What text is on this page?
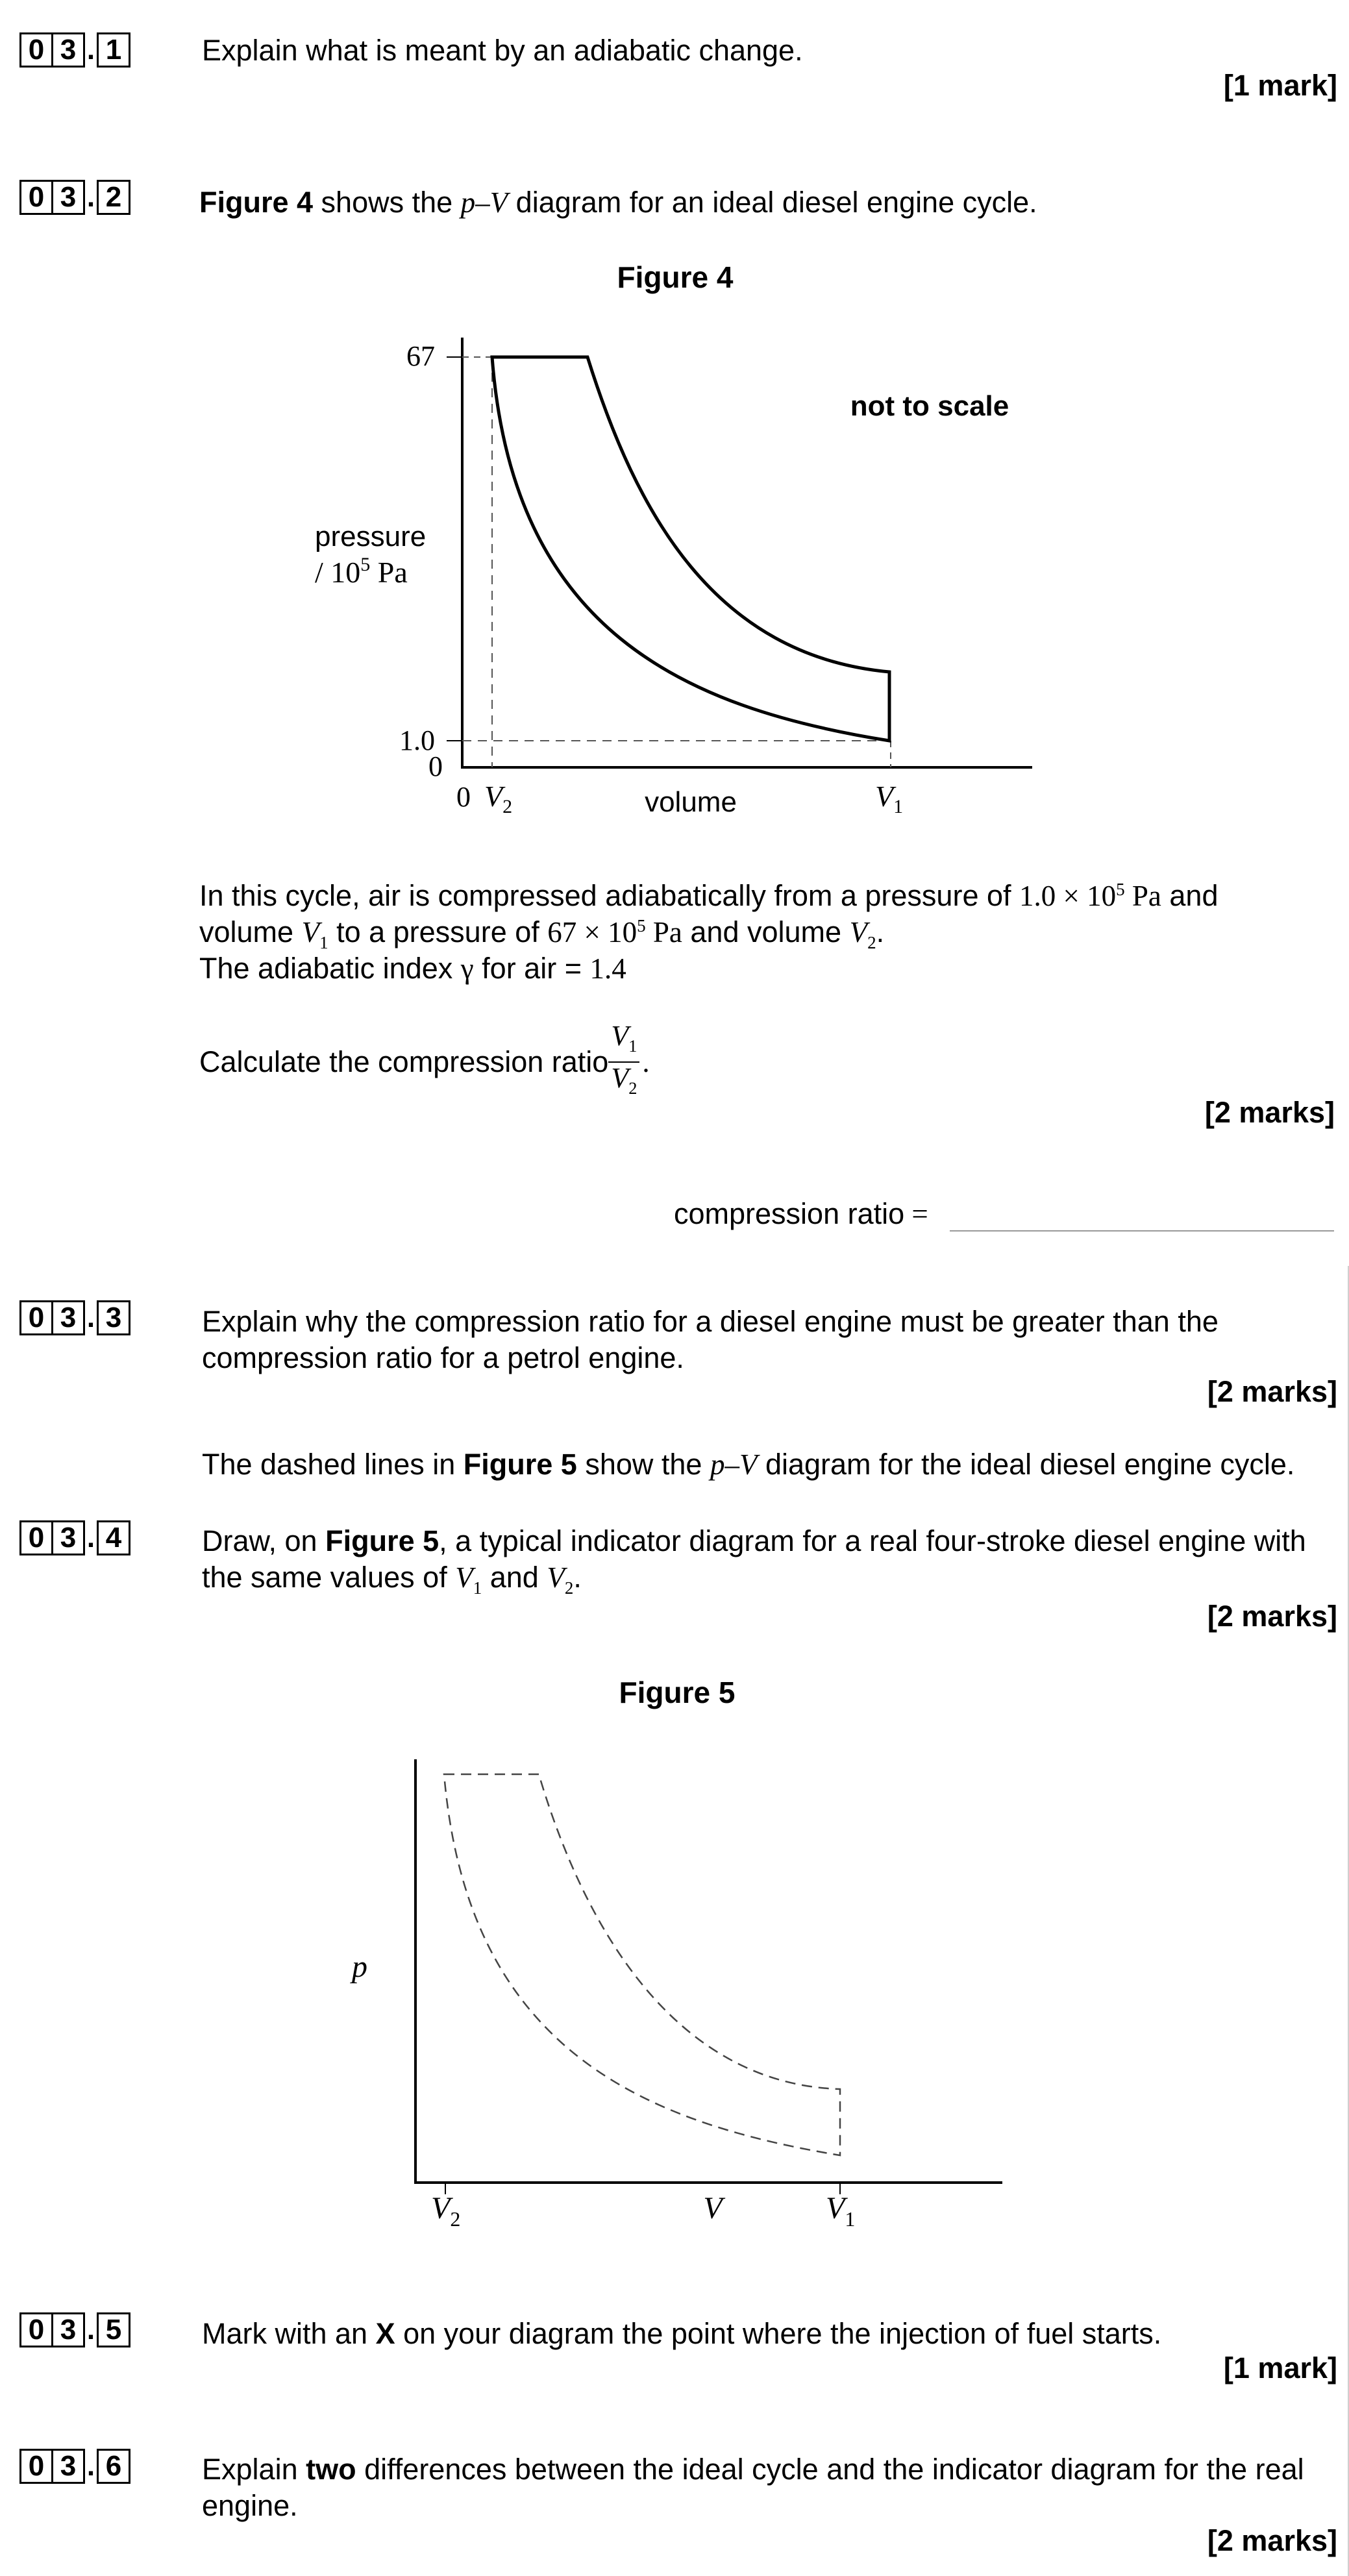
0 3 . 1	Explain what is meant by an adiabatic change.
[1 mark]
0 3 . 2	Figure 4 shows the p–V diagram for an ideal diesel engine cycle.
Figure 4
67
1.0
0
0 $V_2$	$V_1$
volume
not to scale
pressure
/ $10^5$ Pa
In this cycle, air is compressed adiabatically from a pressure of $1.0 \times 10^5$ Pa and
volume $V_1$ to a pressure of $67 \times 10^5$ Pa and volume $V_2$.
The adiabatic index γ for air = 1.4
Calculate the compression ratio $\frac{V_1}{V_2}$ .
[2 marks]
compression ratio =
0 3 . 3	Explain why the compression ratio for a diesel engine must be greater than the
compression ratio for a petrol engine.
[2 marks]
The dashed lines in Figure 5 show the p–V diagram for the ideal diesel engine cycle.
0 3 . 4	Draw, on Figure 5, a typical indicator diagram for a real four-stroke diesel engine with
the same values of $V_1$ and $V_2$.
[2 marks]
Figure 5
p
V
$V_2$	$V_1$
0 3 . 5	Mark with an X on your diagram the point where the injection of fuel starts.
[1 mark]
0 3 . 6	Explain two differences between the ideal cycle and the indicator diagram for the real
engine.
[2 marks]
